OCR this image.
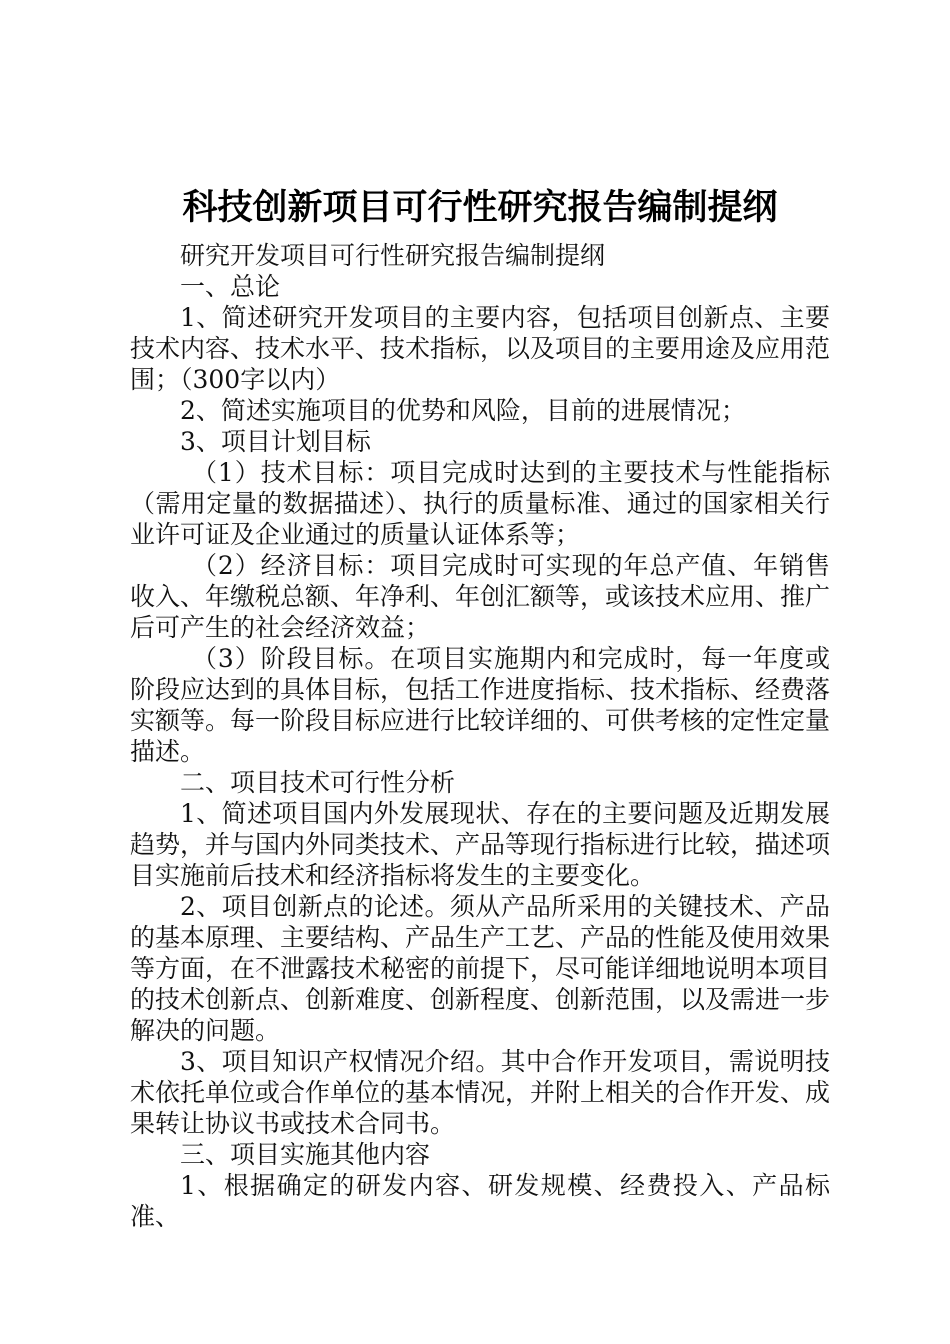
科技创新项目可行性研究报告编制提纲

研究开发项目可行性研究报告编制提纲

一、总论

1、简述研究开发项目的主要内容，包括项目创新点、主要技术内容、技术水平、技术指标，以及项目的主要用途及应用范围；（300字以内）

2、简述实施项目的优势和风险，目前的进展情况；

3、项目计划目标

（1）技术目标：项目完成时达到的主要技术与性能指标（需用定量的数据描述）、执行的质量标准、通过的国家相关行业许可证及企业通过的质量认证体系等；

（2）经济目标：项目完成时可实现的年总产值、年销售收入、年缴税总额、年净利、年创汇额等，或该技术应用、推广后可产生的社会经济效益；

（3）阶段目标。在项目实施期内和完成时，每一年度或阶段应达到的具体目标，包括工作进度指标、技术指标、经费落实额等。每一阶段目标应进行比较详细的、可供考核的定性定量描述。

二、项目技术可行性分析

1、简述项目国内外发展现状、存在的主要问题及近期发展趋势，并与国内外同类技术、产品等现行指标进行比较，描述项目实施前后技术和经济指标将发生的主要变化。

2、项目创新点的论述。须从产品所采用的关键技术、产品的基本原理、主要结构、产品生产工艺、产品的性能及使用效果等方面，在不泄露技术秘密的前提下，尽可能详细地说明本项目的技术创新点、创新难度、创新程度、创新范围，以及需进一步解决的问题。

3、项目知识产权情况介绍。其中合作开发项目，需说明技术依托单位或合作单位的基本情况，并附上相关的合作开发、成果转让协议书或技术合同书。

三、项目实施其他内容

1、根据确定的研发内容、研发规模、经费投入、产品标准、
